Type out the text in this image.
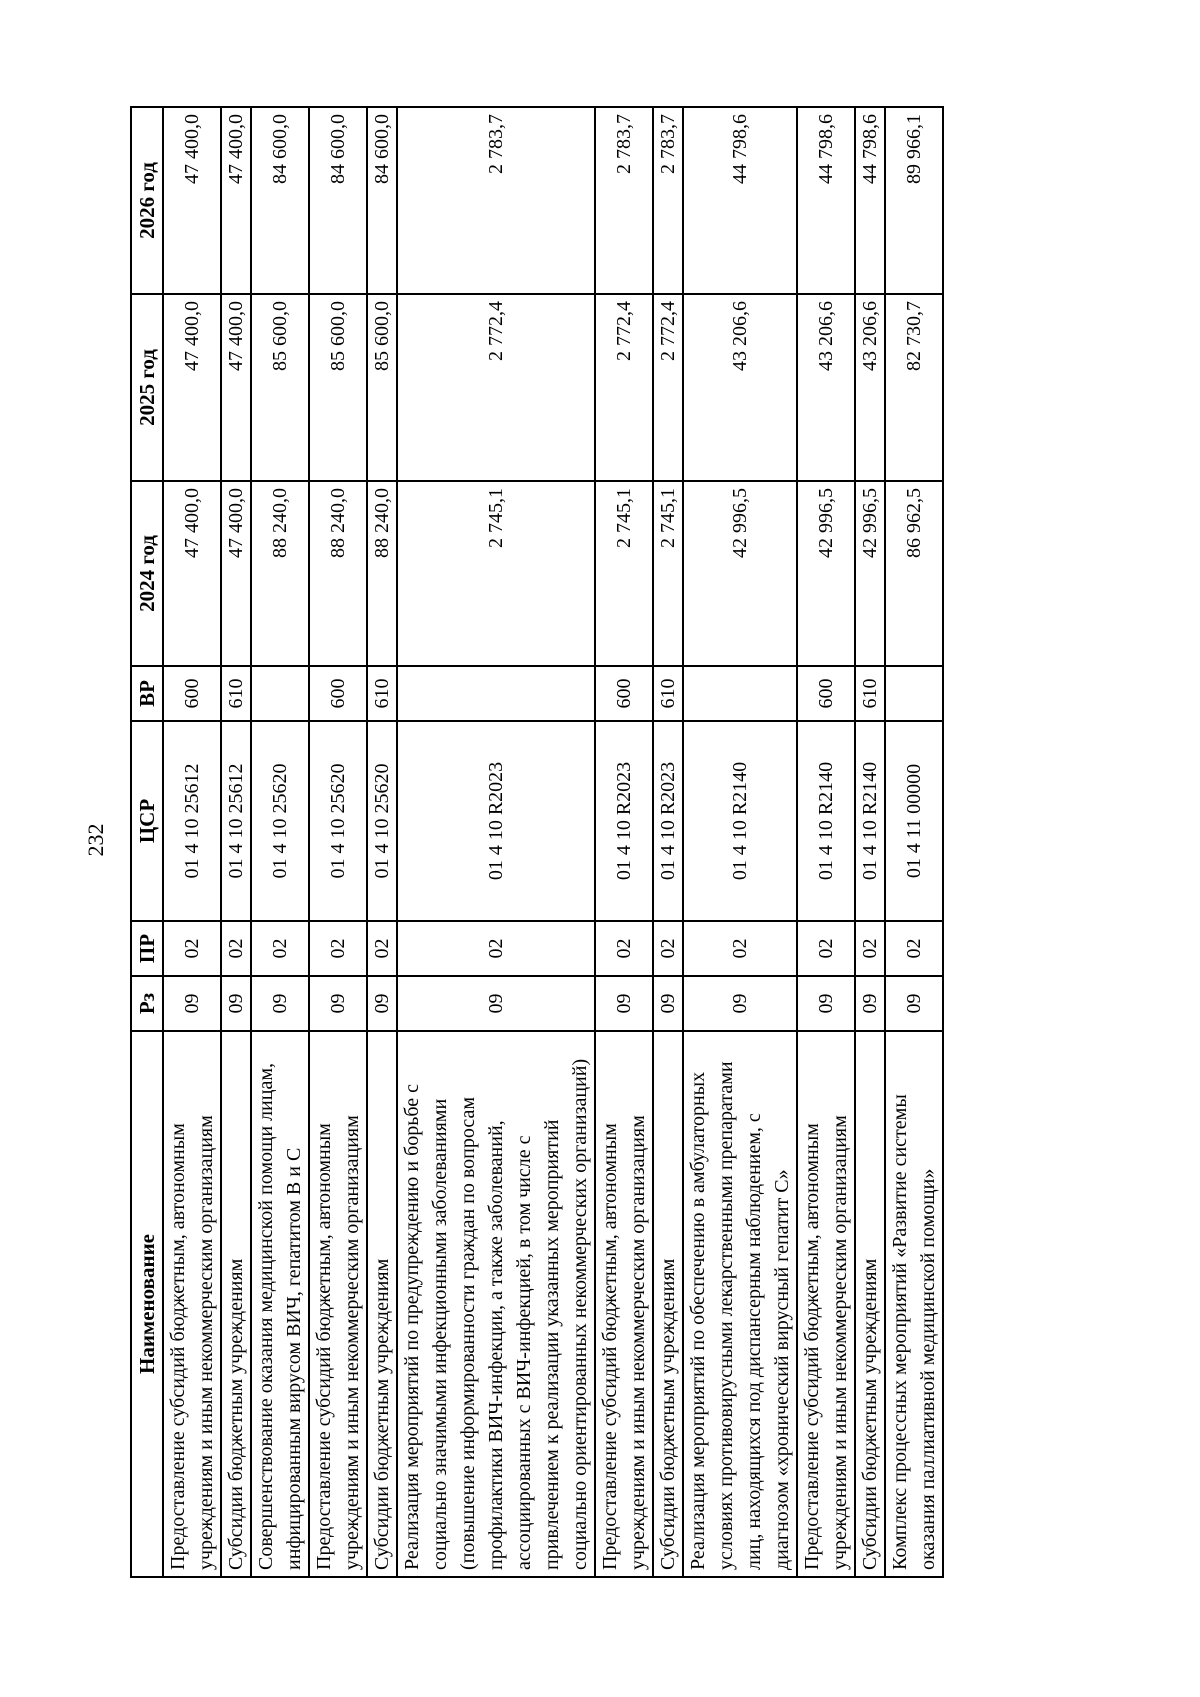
232
Наименование	Рз	ПР	ЦСР	ВР	2024 год	2025 год	2026 год
Предоставление субсидий бюджетным, автономным учреждениям и иным некоммерческим организациям	09	02	01 4 10 25612	600	47 400,0	47 400,0	47 400,0
Субсидии бюджетным учреждениям	09	02	01 4 10 25612	610	47 400,0	47 400,0	47 400,0
Совершенствование оказания медицинской помощи лицам, инфицированным вирусом ВИЧ, гепатитом В и С	09	02	01 4 10 25620		88 240,0	85 600,0	84 600,0
Предоставление субсидий бюджетным, автономным учреждениям и иным некоммерческим организациям	09	02	01 4 10 25620	600	88 240,0	85 600,0	84 600,0
Субсидии бюджетным учреждениям	09	02	01 4 10 25620	610	88 240,0	85 600,0	84 600,0
Реализация мероприятий по предупреждению и борьбе с социально значимыми инфекционными заболеваниями (повышение информированности граждан по вопросам профилактики ВИЧ-инфекции, а также заболеваний, ассоциированных с ВИЧ-инфекцией, в том числе с привлечением к реализации указанных мероприятий социально ориентированных некоммерческих организаций)	09	02	01 4 10 R2023		2 745,1	2 772,4	2 783,7
Предоставление субсидий бюджетным, автономным учреждениям и иным некоммерческим организациям	09	02	01 4 10 R2023	600	2 745,1	2 772,4	2 783,7
Субсидии бюджетным учреждениям	09	02	01 4 10 R2023	610	2 745,1	2 772,4	2 783,7
Реализация мероприятий по обеспечению в амбулаторных условиях противовирусными лекарственными препаратами лиц, находящихся под диспансерным наблюдением, с диагнозом «хронический вирусный гепатит С»	09	02	01 4 10 R2140		42 996,5	43 206,6	44 798,6
Предоставление субсидий бюджетным, автономным учреждениям и иным некоммерческим организациям	09	02	01 4 10 R2140	600	42 996,5	43 206,6	44 798,6
Субсидии бюджетным учреждениям	09	02	01 4 10 R2140	610	42 996,5	43 206,6	44 798,6
Комплекс процессных мероприятий «Развитие системы оказания паллиативной медицинской помощи»	09	02	01 4 11 00000		86 962,5	82 730,7	89 966,1
